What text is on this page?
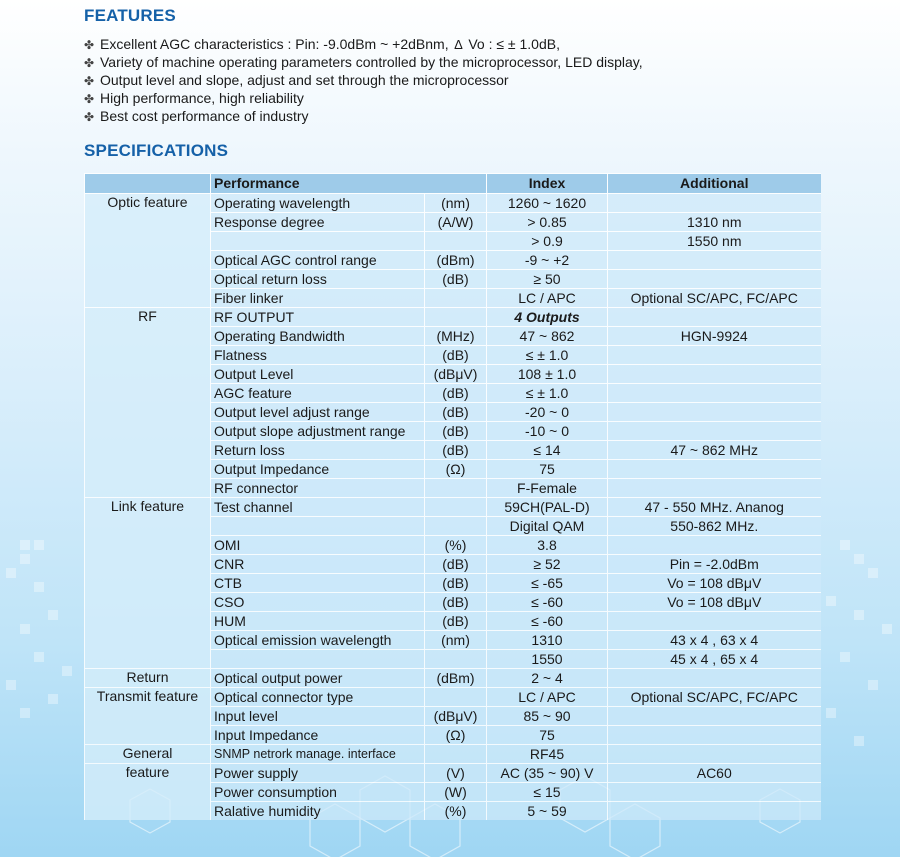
FEATURES
✤ Excellent AGC characteristics : Pin: -9.0dBm ~ +2dBnm, ∆ Vo : ≤ ± 1.0dB,
✤ Variety of machine operating parameters controlled by the microprocessor, LED display,
✤ Output level and slope, adjust and set through the microprocessor
✤ High performance, high reliability
✤ Best cost performance of industry
SPECIFICATIONS
	Performance		Index	Additional
Optic feature	Operating wavelength	(nm)	1260 ~ 1620	
	Response degree	(A/W)	> 0.85	1310 nm
			> 0.9	1550 nm
	Optical AGC control range	(dBm)	-9 ~ +2	
	Optical return loss	(dB)	≥ 50	
	Fiber linker		LC / APC	Optional SC/APC, FC/APC
RF	RF OUTPUT		4 Outputs	
	Operating Bandwidth	(MHz)	47 ~ 862	HGN-9924
	Flatness	(dB)	≤ ± 1.0	
	Output Level	(dBμV)	108 ± 1.0	
	AGC feature	(dB)	≤ ± 1.0	
	Output level adjust range	(dB)	-20 ~ 0	
	Output slope adjustment range	(dB)	-10 ~ 0	
	Return loss	(dB)	≤ 14	47 ~ 862 MHz
	Output Impedance	(Ω)	75	
	RF connector		F-Female	
Link feature	Test channel		59CH(PAL-D)	47 - 550 MHz. Ananog
			Digital QAM	550-862 MHz.
	OMI	(%)	3.8	
	CNR	(dB)	≥ 52	Pin = -2.0dBm
	CTB	(dB)	≤ -65	Vo = 108 dBμV
	CSO	(dB)	≤ -60	Vo = 108 dBμV
	HUM	(dB)	≤ -60	
	Optical emission wavelength	(nm)	1310	43 x 4 , 63 x 4
			1550	45 x 4 , 65 x 4
Return	Optical output power	(dBm)	2 ~ 4	
Transmit feature	Optical connector type		LC / APC	Optional SC/APC, FC/APC
	Input level	(dBμV)	85 ~ 90	
	Input Impedance	(Ω)	75	
General	SNMP netrork manage. interface		RF45	
feature	Power supply	(V)	AC (35 ~ 90) V	AC60
	Power consumption	(W)	≤ 15	
	Ralative humidity	(%)	5 ~ 59	
